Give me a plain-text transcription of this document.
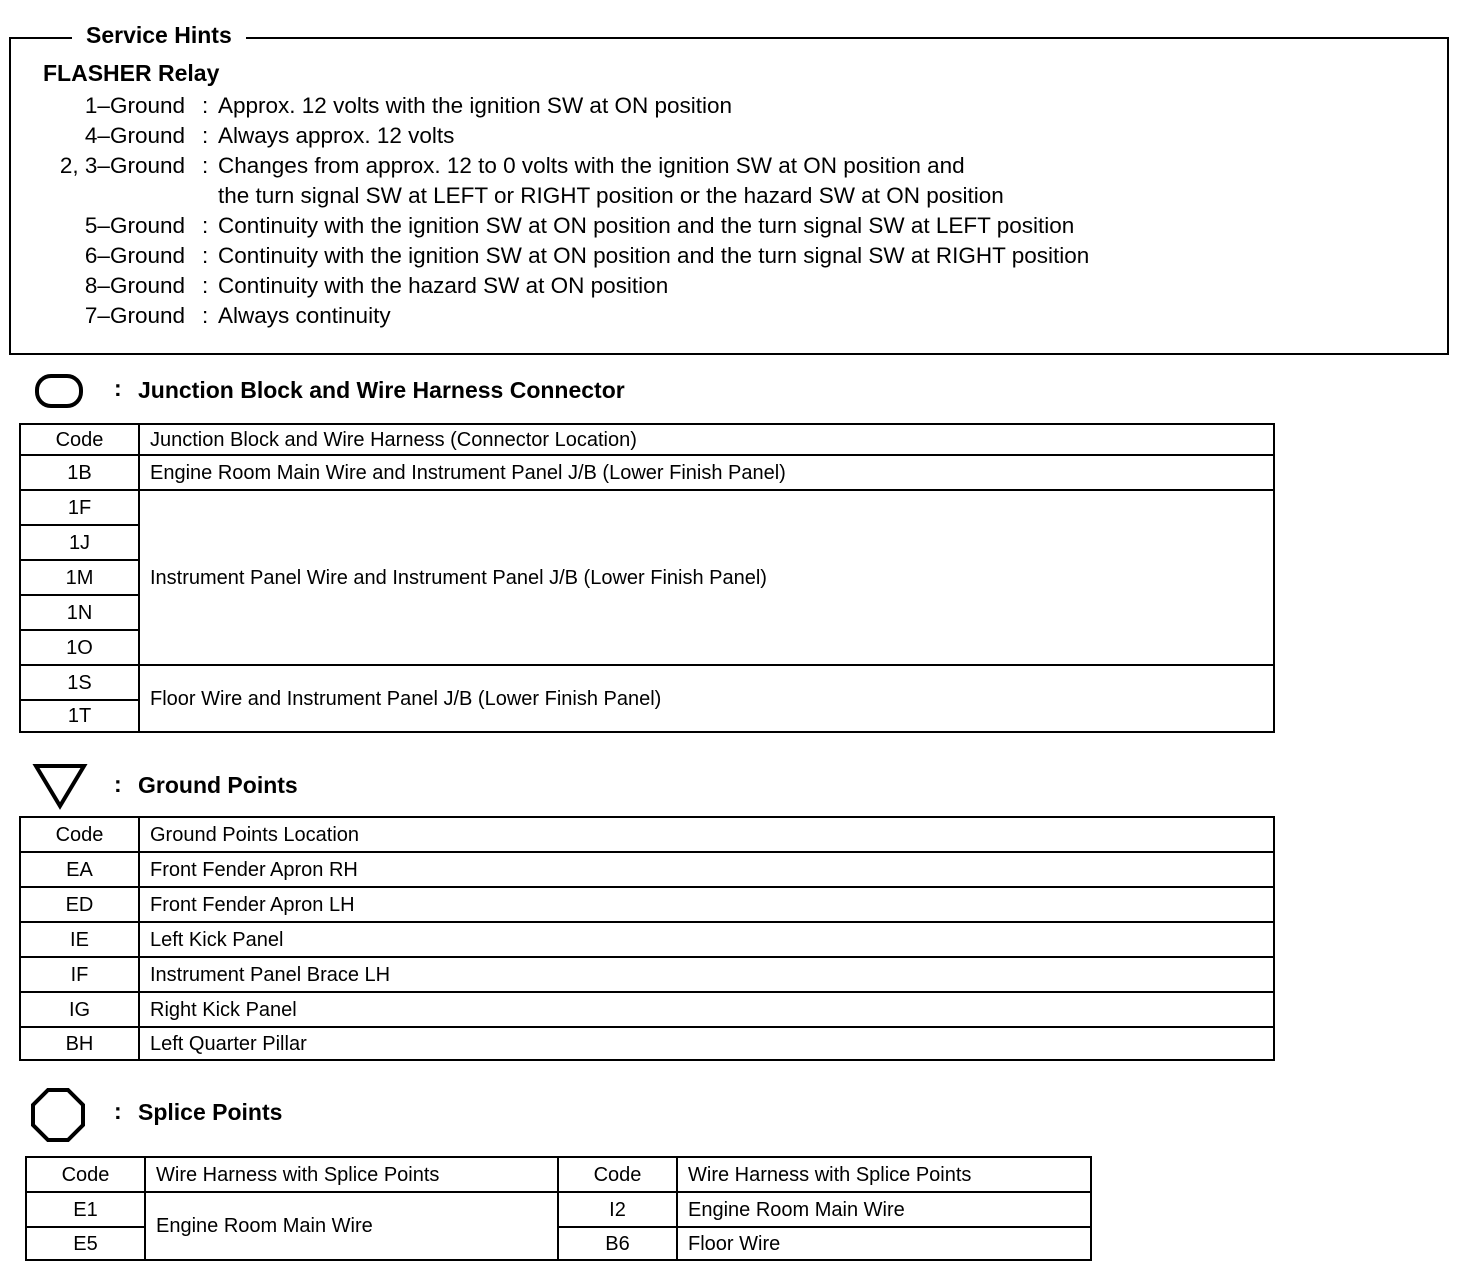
Service Hints
FLASHER Relay
1–Ground : Approx. 12 volts with the ignition SW at ON position
4–Ground : Always approx. 12 volts
2, 3–Ground : Changes from approx. 12 to 0 volts with the ignition SW at ON position and
the turn signal SW at LEFT or RIGHT position or the hazard SW at ON position
5–Ground : Continuity with the ignition SW at ON position and the turn signal SW at LEFT position
6–Ground : Continuity with the ignition SW at ON position and the turn signal SW at RIGHT position
8–Ground : Continuity with the hazard SW at ON position
7–Ground : Always continuity
: Junction Block and Wire Harness Connector
Code	Junction Block and Wire Harness (Connector Location)
1B	Engine Room Main Wire and Instrument Panel J/B (Lower Finish Panel)
1F	Instrument Panel Wire and Instrument Panel J/B (Lower Finish Panel)
1J	
1M	
1N	
1O	
1S	Floor Wire and Instrument Panel J/B (Lower Finish Panel)
1T	
: Ground Points
Code	Ground Points Location
EA	Front Fender Apron RH
ED	Front Fender Apron LH
IE	Left Kick Panel
IF	Instrument Panel Brace LH
IG	Right Kick Panel
BH	Left Quarter Pillar
: Splice Points
Code	Wire Harness with Splice Points	Code	Wire Harness with Splice Points
E1	Engine Room Main Wire	I2	Engine Room Main Wire
E5		B6	Floor Wire
